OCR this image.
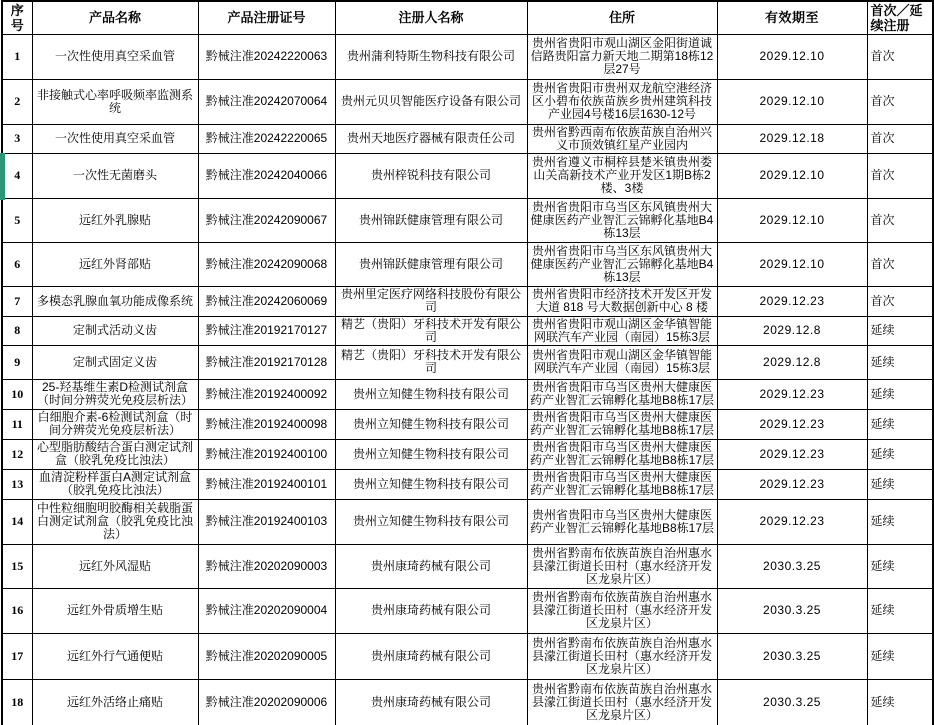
序号	产品名称	产品注册证号	注册人名称	住所	有效期至	首次／延续注册

1	一次性使用真空采血管	黔械注准20242220063	贵州蒲利特斯生物科技有限公司	贵州省贵阳市观山湖区金阳街道诚信路贵阳富力新天地二期第18栋12层27号	2029.12.10	首次

2	非接触式心率呼吸频率监测系统	黔械注准20242070064	贵州元贝贝智能医疗设备有限公司	贵州省贵阳市贵州双龙航空港经济区小碧布依族苗族乡贵州建筑科技产业园4号楼16层1630-12号	2029.12.10	首次

3	一次性使用真空采血管	黔械注准20242220065	贵州天地医疗器械有限责任公司	贵州省黔西南布依族苗族自治州兴义市顶效镇红星产业园内	2029.12.18	首次

4	一次性无菌磨头	黔械注准20242040066	贵州梓锐科技有限公司	贵州省遵义市桐梓县楚米镇贵州娄山关高新技术产业开发区1期B栋2楼、3楼	2029.12.10	首次

5	远红外乳腺贴	黔械注准20242090067	贵州锦跃健康管理有限公司	贵州省贵阳市乌当区东风镇贵州大健康医药产业智汇云锦孵化基地B4栋13层	2029.12.10	首次

6	远红外肾部贴	黔械注准20242090068	贵州锦跃健康管理有限公司	贵州省贵阳市乌当区东风镇贵州大健康医药产业智汇云锦孵化基地B4栋13层	2029.12.10	首次

7	多模态乳腺血氧功能成像系统	黔械注准20242060069	贵州里定医疗网络科技股份有限公司	贵州省贵阳市经济技术开发区开发大道 818 号大数据创新中心 8 楼	2029.12.23	首次

8	定制式活动义齿	黔械注准20192170127	精艺（贵阳）牙科技术开发有限公司	贵州省贵阳市观山湖区金华镇智能网联汽车产业园（南园）15栋3层	2029.12.8	延续

9	定制式固定义齿	黔械注准20192170128	精艺（贵阳）牙科技术开发有限公司	贵州省贵阳市观山湖区金华镇智能网联汽车产业园（南园）15栋3层	2029.12.8	延续

10	25-羟基维生素D检测试剂盒（时间分辨荧光免疫层析法）	黔械注准20192400092	贵州立知健生物科技有限公司	贵州省贵阳市乌当区贵州大健康医药产业智汇云锦孵化基地B8栋17层	2029.12.23	延续

11	白细胞介素-6检测试剂盒（时间分辨荧光免疫层析法）	黔械注准20192400098	贵州立知健生物科技有限公司	贵州省贵阳市乌当区贵州大健康医药产业智汇云锦孵化基地B8栋17层	2029.12.23	延续

12	心型脂肪酸结合蛋白测定试剂盒（胶乳免疫比浊法）	黔械注准20192400100	贵州立知健生物科技有限公司	贵州省贵阳市乌当区贵州大健康医药产业智汇云锦孵化基地B8栋17层	2029.12.23	延续

13	血清淀粉样蛋白A测定试剂盒（胶乳免疫比浊法）	黔械注准20192400101	贵州立知健生物科技有限公司	贵州省贵阳市乌当区贵州大健康医药产业智汇云锦孵化基地B8栋17层	2029.12.23	延续

14	中性粒细胞明胶酶相关载脂蛋白测定试剂盒（胶乳免疫比浊法）	黔械注准20192400103	贵州立知健生物科技有限公司	贵州省贵阳市乌当区贵州大健康医药产业智汇云锦孵化基地B8栋17层	2029.12.23	延续

15	远红外风湿贴	黔械注准20202090003	贵州康琦药械有限公司	贵州省黔南布依族苗族自治州惠水县濛江街道长田村（惠水经济开发区龙泉片区）	2030.3.25	延续

16	远红外骨质增生贴	黔械注准20202090004	贵州康琦药械有限公司	贵州省黔南布依族苗族自治州惠水县濛江街道长田村（惠水经济开发区龙泉片区）	2030.3.25	延续

17	远红外行气通便贴	黔械注准20202090005	贵州康琦药械有限公司	贵州省黔南布依族苗族自治州惠水县濛江街道长田村（惠水经济开发区龙泉片区）	2030.3.25	延续

18	远红外活络止痛贴	黔械注准20202090006	贵州康琦药械有限公司	贵州省黔南布依族苗族自治州惠水县濛江街道长田村（惠水经济开发区龙泉片区）	2030.3.25	延续
